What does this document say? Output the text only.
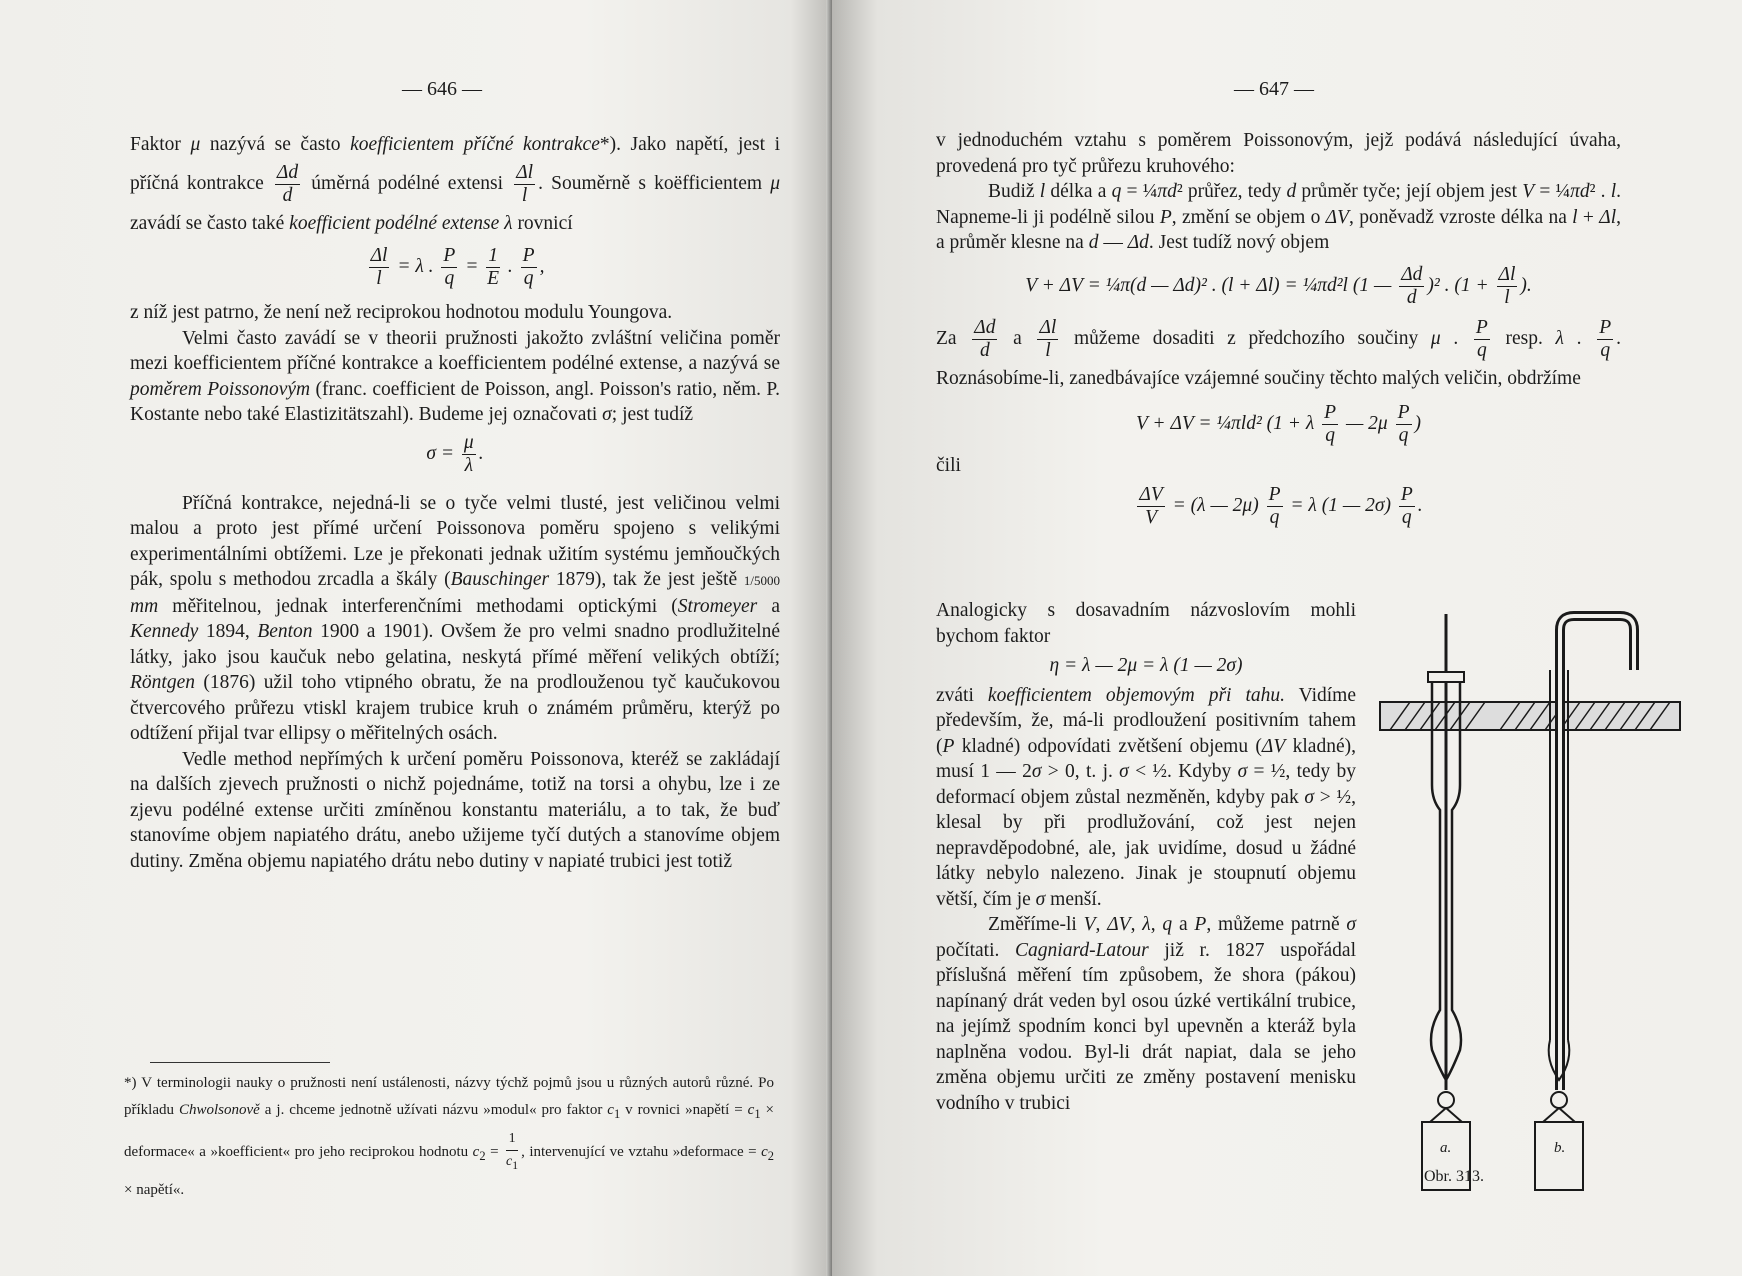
— 646 —

Faktor μ nazývá se často koefficientem příčné kontrakce*). Jako napětí, jest i příčná kontrakce $\frac{\Delta d}{d}$ úměrná podélné extensi $\frac{\Delta l}{l}$ . Souměrně s koëfficientem μ zavádí se často také koefficient podélné extense λ rovnicí

$\frac{\Delta l}{l} = \lambda$ . $\frac{P}{q} = \frac{1}{E}$ . $\frac{P}{q}$ ,

z níž jest patrno, že není než reciprokou hodnotou modulu Youngova.

Velmi často zavádí se v theorii pružnosti jakožto zvláštní veličina poměr mezi koefficientem příčné kontrakce a koefficientem podélné extense, a nazývá se poměrem Poissonovým (franc. coefficient de Poisson, angl. Poisson's ratio, něm. P. Kostante nebo také Elastizitätszahl). Budeme jej označovati σ; jest tudíž

$\sigma = \frac{\mu}{\lambda}$ .

Příčná kontrakce, nejedná-li se o tyče velmi tlusté, jest veličinou velmi malou a proto jest přímé určení Poissonova poměru spojeno s velikými experimentálními obtížemi. Lze je překonati jednak užitím systému jemňoučkých pák, spolu s methodou zrcadla a škály (Bauschinger 1879), tak že jest ještě 1/5000 mm měřitelnou, jednak interferenčními methodami optickými (Stromeyer a Kennedy 1894, Benton 1900 a 1901). Ovšem že pro velmi snadno prodlužitelné látky, jako jsou kaučuk nebo gelatina, neskytá přímé měření velikých obtíží; Röntgen (1876) užil toho vtipného obratu, že na prodlouženou tyč kaučukovou čtvercového průřezu vtiskl krajem trubice kruh o známém průměru, kterýž po odtížení přijal tvar ellipsy o měřitelných osách.

Vedle method nepřímých k určení poměru Poissonova, kteréž se zakládají na dalších zjevech pružnosti o nichž pojednáme, totiž na torsi a ohybu, lze i ze zjevu podélné extense určiti zmíněnou konstantu materiálu, a to tak, že buď stanovíme objem napiatého drátu, anebo užijeme tyčí dutých a stanovíme objem dutiny. Změna objemu napiatého drátu nebo dutiny v napiaté trubici jest totiž

*) V terminologii nauky o pružnosti není ustálenosti, názvy týchž pojmů jsou u různých autorů různé. Po příkladu Chwolsonově a j. chceme jednotně užívati názvu »modul« pro faktor $c_1$ v rovnici »napětí = $c_1$ × deformace« a »koefficient« pro jeho reciprokou hodnotu $c_2 = \frac{1}{c_1}$ , intervenující ve vztahu »deformace = $c_2$ × napětí«.
— 647 —

v jednoduchém vztahu s poměrem Poissonovým, jejž podává následující úvaha, provedená pro tyč průřezu kruhového:

Budiž l délka a q = ¼πd² průřez, tedy d průměr tyče; její objem jest V = ¼πd² . l. Napneme-li ji podélně silou P, změní se objem o ΔV, poněvadž vzroste délka na l + Δl, a průměr klesne na d — Δd. Jest tudíž nový objem

V + ΔV = ¼π(d — Δd)² . (l + Δl) = ¼πd²l (1 — $\frac{\Delta d}{d} )^2$ . ($1 + \frac{\Delta l}{l}$ ).

Za $\frac{\Delta d}{d}$ a $\frac{\Delta l}{l}$ můžeme dosaditi z předchozího součiny μ . $\frac{P}{q}$ resp. λ . $\frac{P}{q}$ . Roznásobíme-li, zanedbávajíce vzájemné součiny těchto malých veličin, obdržíme

V + ΔV = ¼πld² (1 + λ $\frac{P}{q}$ — $2\mu \frac{P}{q}$ )

čili

$\frac{\Delta V}{V} = (\lambda$ — $2\mu) \frac{P}{q} = \lambda$ (1 — $2\sigma) \frac{P}{q}$ .

Analogicky s dosavadním názvoslovím mohli bychom faktor

η = λ — 2μ = λ (1 — 2σ)

zváti koefficientem objemovým při tahu. Vidíme především, že, má-li prodloužení positivním tahem (P kladné) odpovídati zvětšení objemu (ΔV kladné), musí 1 — 2σ > 0, t. j. σ < ½. Kdyby σ = ½, tedy by deformací objem zůstal nezměněn, kdyby pak σ > ½, klesal by při prodlužování, což jest nejen nepravděpodobné, ale, jak uvidíme, dosud u žádné látky nebylo nalezeno. Jinak je stoupnutí objemu větší, čím je σ menší.

Změříme-li V, ΔV, λ, q a P, můžeme patrně σ počítati. Cagniard-Latour již r. 1827 uspořádal příslušná měření tím způsobem, že shora (pákou) napínaný drát veden byl osou úzké vertikální trubice, na jejímž spodním konci byl upevněn a kteráž byla naplněna vodou. Byl-li drát napiat, dala se jeho změna objemu určiti ze změny postavení menisku vodního v trubici

a.	b.
Obr. 313.
